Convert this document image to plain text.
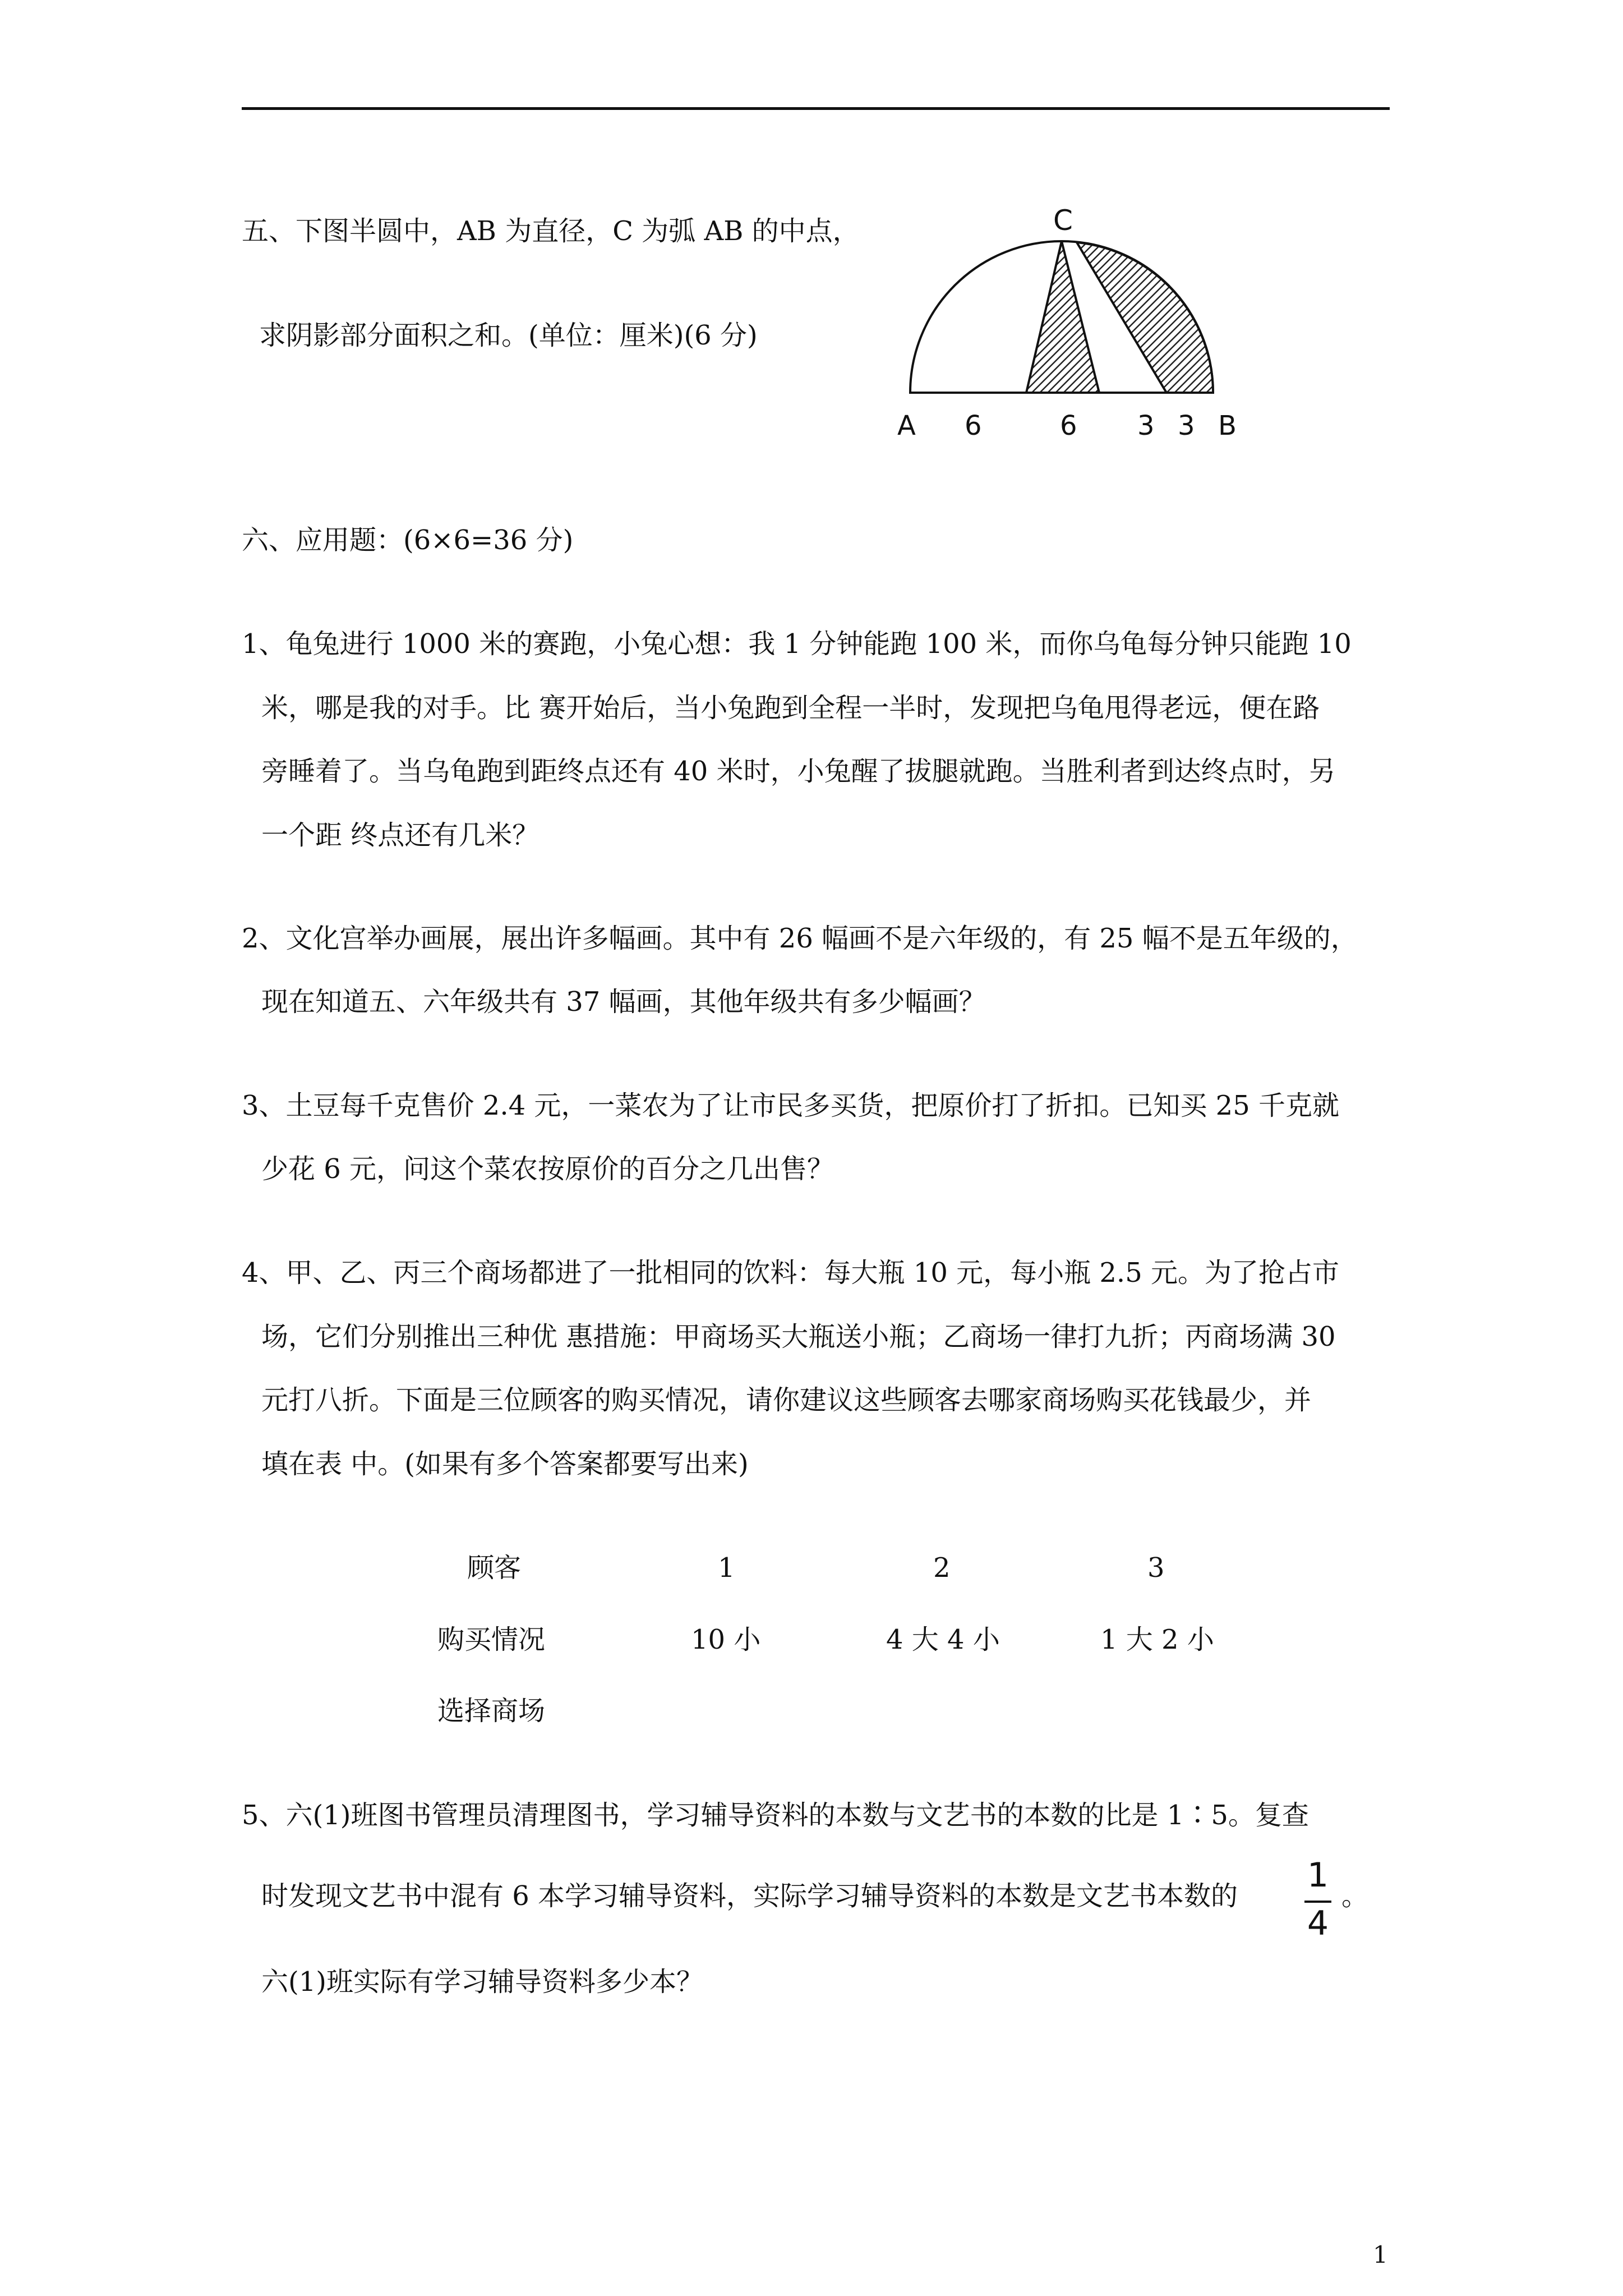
五、下图半圆中，AB 为直径，C 为弧 AB 的中点，
求阴影部分面积之和。(单位：厘米)(6 分)
C
A 6	6 3 3 B
六、应用题：(6×6=36 分)
1、龟兔进行 1000 米的赛跑，小兔心想：我 1 分钟能跑 100 米，而你乌龟每分钟只能跑 10
米，哪是我的对手。比 赛开始后，当小兔跑到全程一半时，发现把乌龟甩得老远，便在路
旁睡着了。当乌龟跑到距终点还有 40 米时，小兔醒了拔腿就跑。当胜利者到达终点时，另
一个距 终点还有几米？
2、文化宫举办画展，展出许多幅画。其中有 26 幅画不是六年级的，有 25 幅不是五年级的，
现在知道五、六年级共有 37 幅画，其他年级共有多少幅画？
3、土豆每千克售价 2.4 元，一菜农为了让市民多买货，把原价打了折扣。已知买 25 千克就
少花 6 元，问这个菜农按原价的百分之几出售？
4、甲、乙、丙三个商场都进了一批相同的饮料：每大瓶 10 元，每小瓶 2.5 元。为了抢占市
场，它们分别推出三种优 惠措施：甲商场买大瓶送小瓶；乙商场一律打九折；丙商场满 30
元打八折。下面是三位顾客的购买情况，请你建议这些顾客去哪家商场购买花钱最少，并
填在表 中。(如果有多个答案都要写出来)
顾客	1	2	3
购买情况	10 小	4 大 4 小	1 大 2 小
选择商场
5、六(1)班图书管理员清理图书，学习辅导资料的本数与文艺书的本数的比是 1∶5。复查
时发现文艺书中混有 6 本学习辅导资料，实际学习辅导资料的本数是文艺书本数的
1
4
。
六(1)班实际有学习辅导资料多少本？
1
